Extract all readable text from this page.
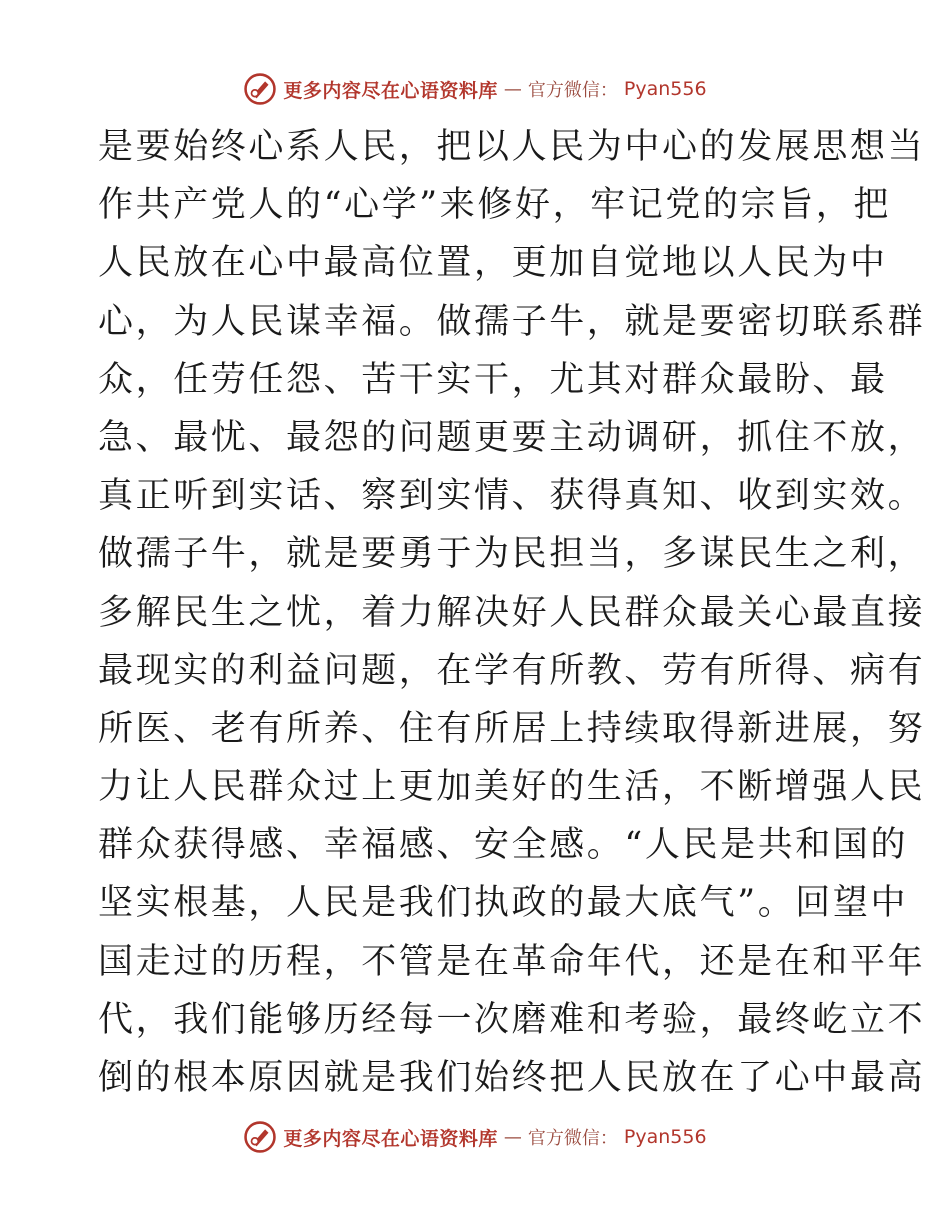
更多内容尽在心语资料库 — 官方微信： Pyan556
是要始终心系人民，把以人民为中心的发展思想当
作共产党人的“心学”来修好，牢记党的宗旨，把
人民放在心中最高位置，更加自觉地以人民为中
心，为人民谋幸福。做孺子牛，就是要密切联系群
众，任劳任怨、苦干实干，尤其对群众最盼、最
急、最忧、最怨的问题更要主动调研，抓住不放，
真正听到实话、察到实情、获得真知、收到实效。
做孺子牛，就是要勇于为民担当，多谋民生之利，
多解民生之忧，着力解决好人民群众最关心最直接
最现实的利益问题，在学有所教、劳有所得、病有
所医、老有所养、住有所居上持续取得新进展，努
力让人民群众过上更加美好的生活，不断增强人民
群众获得感、幸福感、安全感。“人民是共和国的
坚实根基，人民是我们执政的最大底气”。回望中
国走过的历程，不管是在革命年代，还是在和平年
代，我们能够历经每一次磨难和考验，最终屹立不
倒的根本原因就是我们始终把人民放在了心中最高
更多内容尽在心语资料库 — 官方微信： Pyan556
